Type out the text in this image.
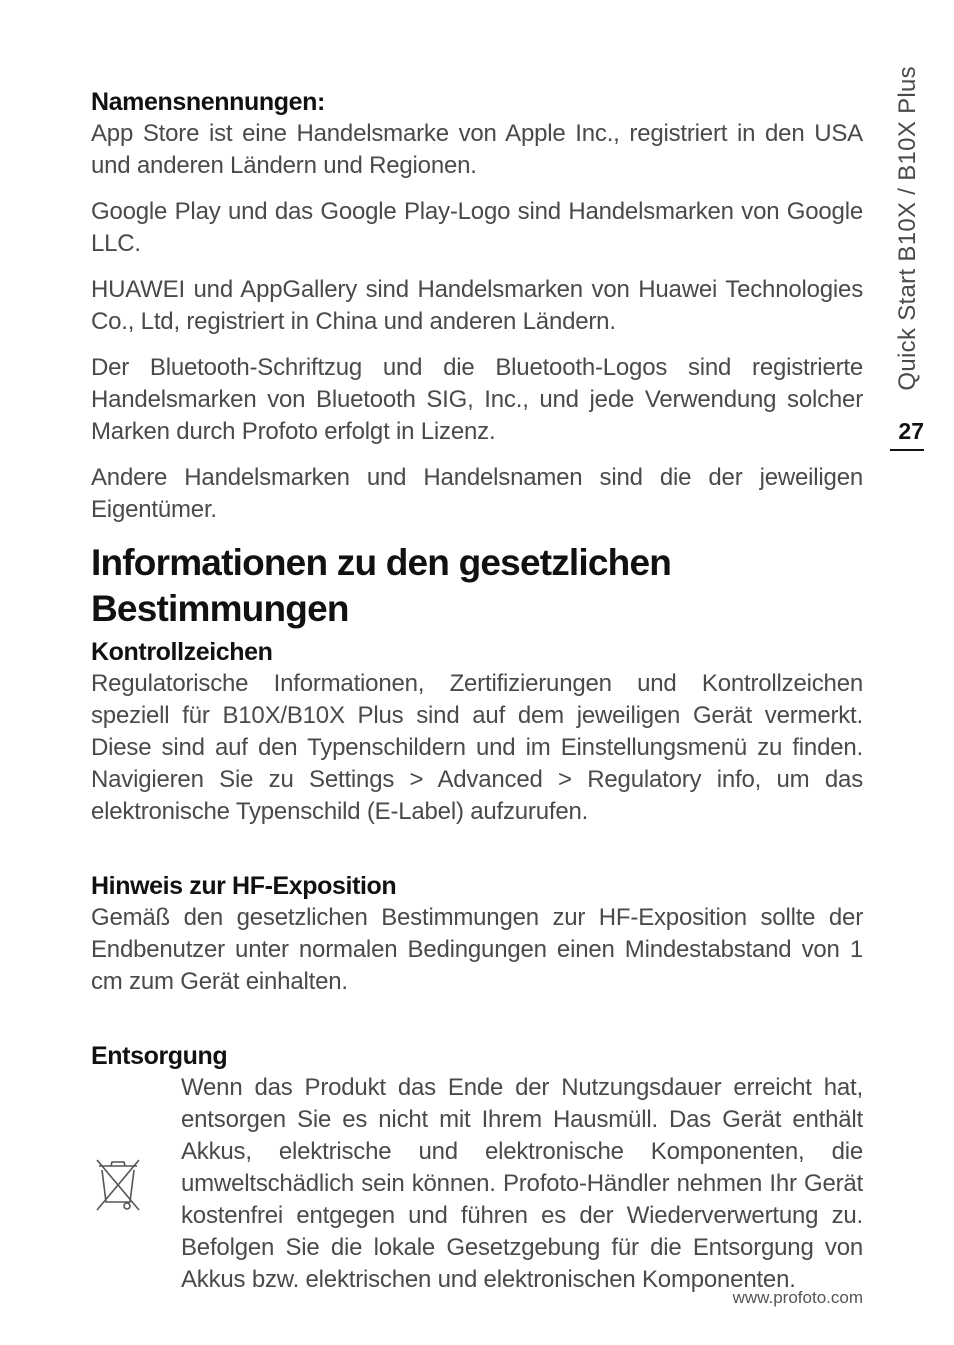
Quick Start B10X / B10X Plus
27
Namensnennungen:

App Store ist eine Handelsmarke von Apple Inc., registriert in den USA und anderen Ländern und Regionen.

Google Play und das Google Play-Logo sind Handelsmarken von Google LLC.

HUAWEI und AppGallery sind Handelsmarken von Huawei Technologies Co., Ltd, registriert in China und anderen Ländern.

Der Bluetooth-Schriftzug und die Bluetooth-Logos sind registrierte Handelsmarken von Bluetooth SIG, Inc., und jede Verwendung solcher Marken durch Profoto erfolgt in Lizenz.

Andere Handelsmarken und Handelsnamen sind die der jeweiligen Eigentümer.

Informationen zu den gesetzlichen Bestimmungen
Kontrollzeichen

Regulatorische Informationen, Zertifizierungen und Kontrollzeichen speziell für B10X/B10X Plus sind auf dem jeweiligen Gerät vermerkt. Diese sind auf den Typenschildern und im Einstellungsmenü zu finden. Navigieren Sie zu Settings > Advanced > Regulatory info, um das elektronische Typenschild (E-Label) aufzurufen.

Hinweis zur HF-Exposition

Gemäß den gesetzlichen Bestimmungen zur HF-Exposition sollte der Endbenutzer unter normalen Bedingungen einen Mindestabstand von 1 cm zum Gerät einhalten.

Entsorgung

Wenn das Produkt das Ende der Nutzungsdauer erreicht hat, entsorgen Sie es nicht mit Ihrem Hausmüll. Das Gerät enthält Akkus, elektrische und elektronische Komponenten, die umweltschädlich sein können. Profoto-Händler nehmen Ihr Gerät kostenfrei entgegen und führen es der Wiederverwertung zu. Befolgen Sie die lokale Gesetzgebung für die Entsorgung von Akkus bzw. elektrischen und elektronischen Komponenten.

www.profoto.com
